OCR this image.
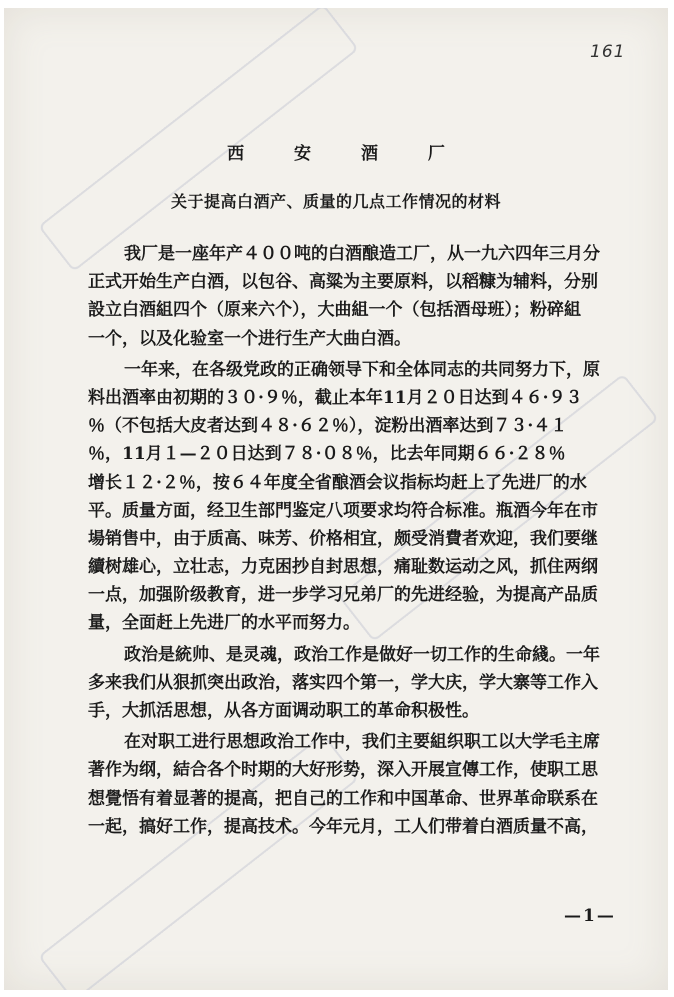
161
西 安 酒 厂
关于提高白酒产、质量的几点工作情况的材料
我厂是一座年产４００吨的白酒酿造工厂，从一九六四年三月分
正式开始生产白酒，以包谷、高粱为主要原料，以稻糠为辅料，分别
設立白酒組四个（原来六个），大曲組一个（包括酒母班）；粉碎組
一个，以及化验室一个进行生产大曲白酒。
一年来，在各级党政的正确领导下和全体同志的共同努力下，原
料出酒率由初期的３０·９％，截止本年11月２０日达到４６·９３
％（不包括大皮者达到４８·６２％），淀粉出酒率达到７３·４１
％，11月１—２０日达到７８·０８％，比去年同期６６·２８％
增长１２·２％，按６４年度全省酿酒会议指标均赶上了先进厂的水
平。质量方面，经卫生部門鉴定八项要求均符合标准。瓶酒今年在市
場销售中，由于质高、味芳、价格相宜，颇受消費者欢迎，我们要继
續树雄心，立壮志，力克困抄自封思想，痛耻数运动之风，抓住两纲
一点，加强阶级教育，进一步学习兄弟厂的先进经验，为提高产品质
量，全面赶上先进厂的水平而努力。
政治是統帅、是灵魂，政治工作是做好一切工作的生命綫。一年
多来我们从狠抓突出政治，落实四个第一，学大庆，学大寨等工作入
手，大抓活思想，从各方面调动职工的革命积极性。
在对职工进行思想政治工作中，我们主要組织职工以大学毛主席
著作为纲，結合各个时期的大好形势，深入开展宣傳工作，使职工思
想覺悟有着显著的提高，把自己的工作和中国革命、世界革命联系在
一起，搞好工作，提高技术。今年元月，工人们带着白酒质量不高，
—1—
